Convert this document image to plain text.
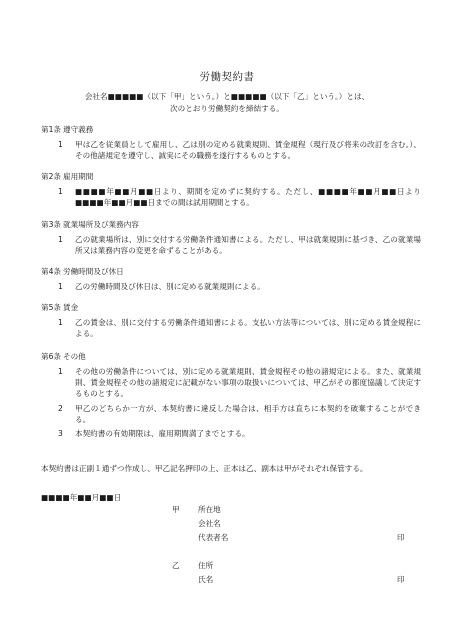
労働契約書
会社名■■■■■（以下「甲」という。）と■■■■■（以下「乙」という。）とは、
次のとおり労働契約を締結する。
第1条 遵守義務
1	甲は乙を従業員として雇用し、乙は別の定める就業規則、賃金規程（現行及び将来の改訂を含む。）、その他諸規定を遵守し、誠実にその職務を遂行するものとする。
第2条 雇用期間
1	■■■■年■■月■■日より、期間を定めずに契約する。ただし、■■■■年■■月■■日より■■■■年■■月■■日までの間は試用期間とする。
第3条 就業場所及び業務内容
1	乙の就業場所は、別に交付する労働条件通知書による。ただし、甲は就業規則に基づき、乙の就業場所又は業務内容の変更を命ずることがある。
第4条 労働時間及び休日
1	乙の労働時間及び休日は、別に定める就業規則による。
第5条 賃金
1	乙の賃金は、別に交付する労働条件通知書による。支払い方法等については、別に定める賃金規程による。
第6条 その他
1	その他の労働条件については、別に定める就業規則、賃金規程その他の諸規定による。また、就業規則、賃金規程その他の諸規定に記載がない事項の取扱いについては、甲乙がその都度協議して決定するものとする。
2	甲乙のどちらか一方が、本契約書に違反した場合は、相手方は直ちに本契約を破棄することができる。
3	本契約書の有効期限は、雇用期間満了までとする。
本契約書は正副１通ずつ作成し、甲乙記名押印の上、正本は乙、副本は甲がそれぞれ保管する。
■■■■年■■月■■日
甲 所在地
会社名
代表者名	印
乙 住所
氏名	印
